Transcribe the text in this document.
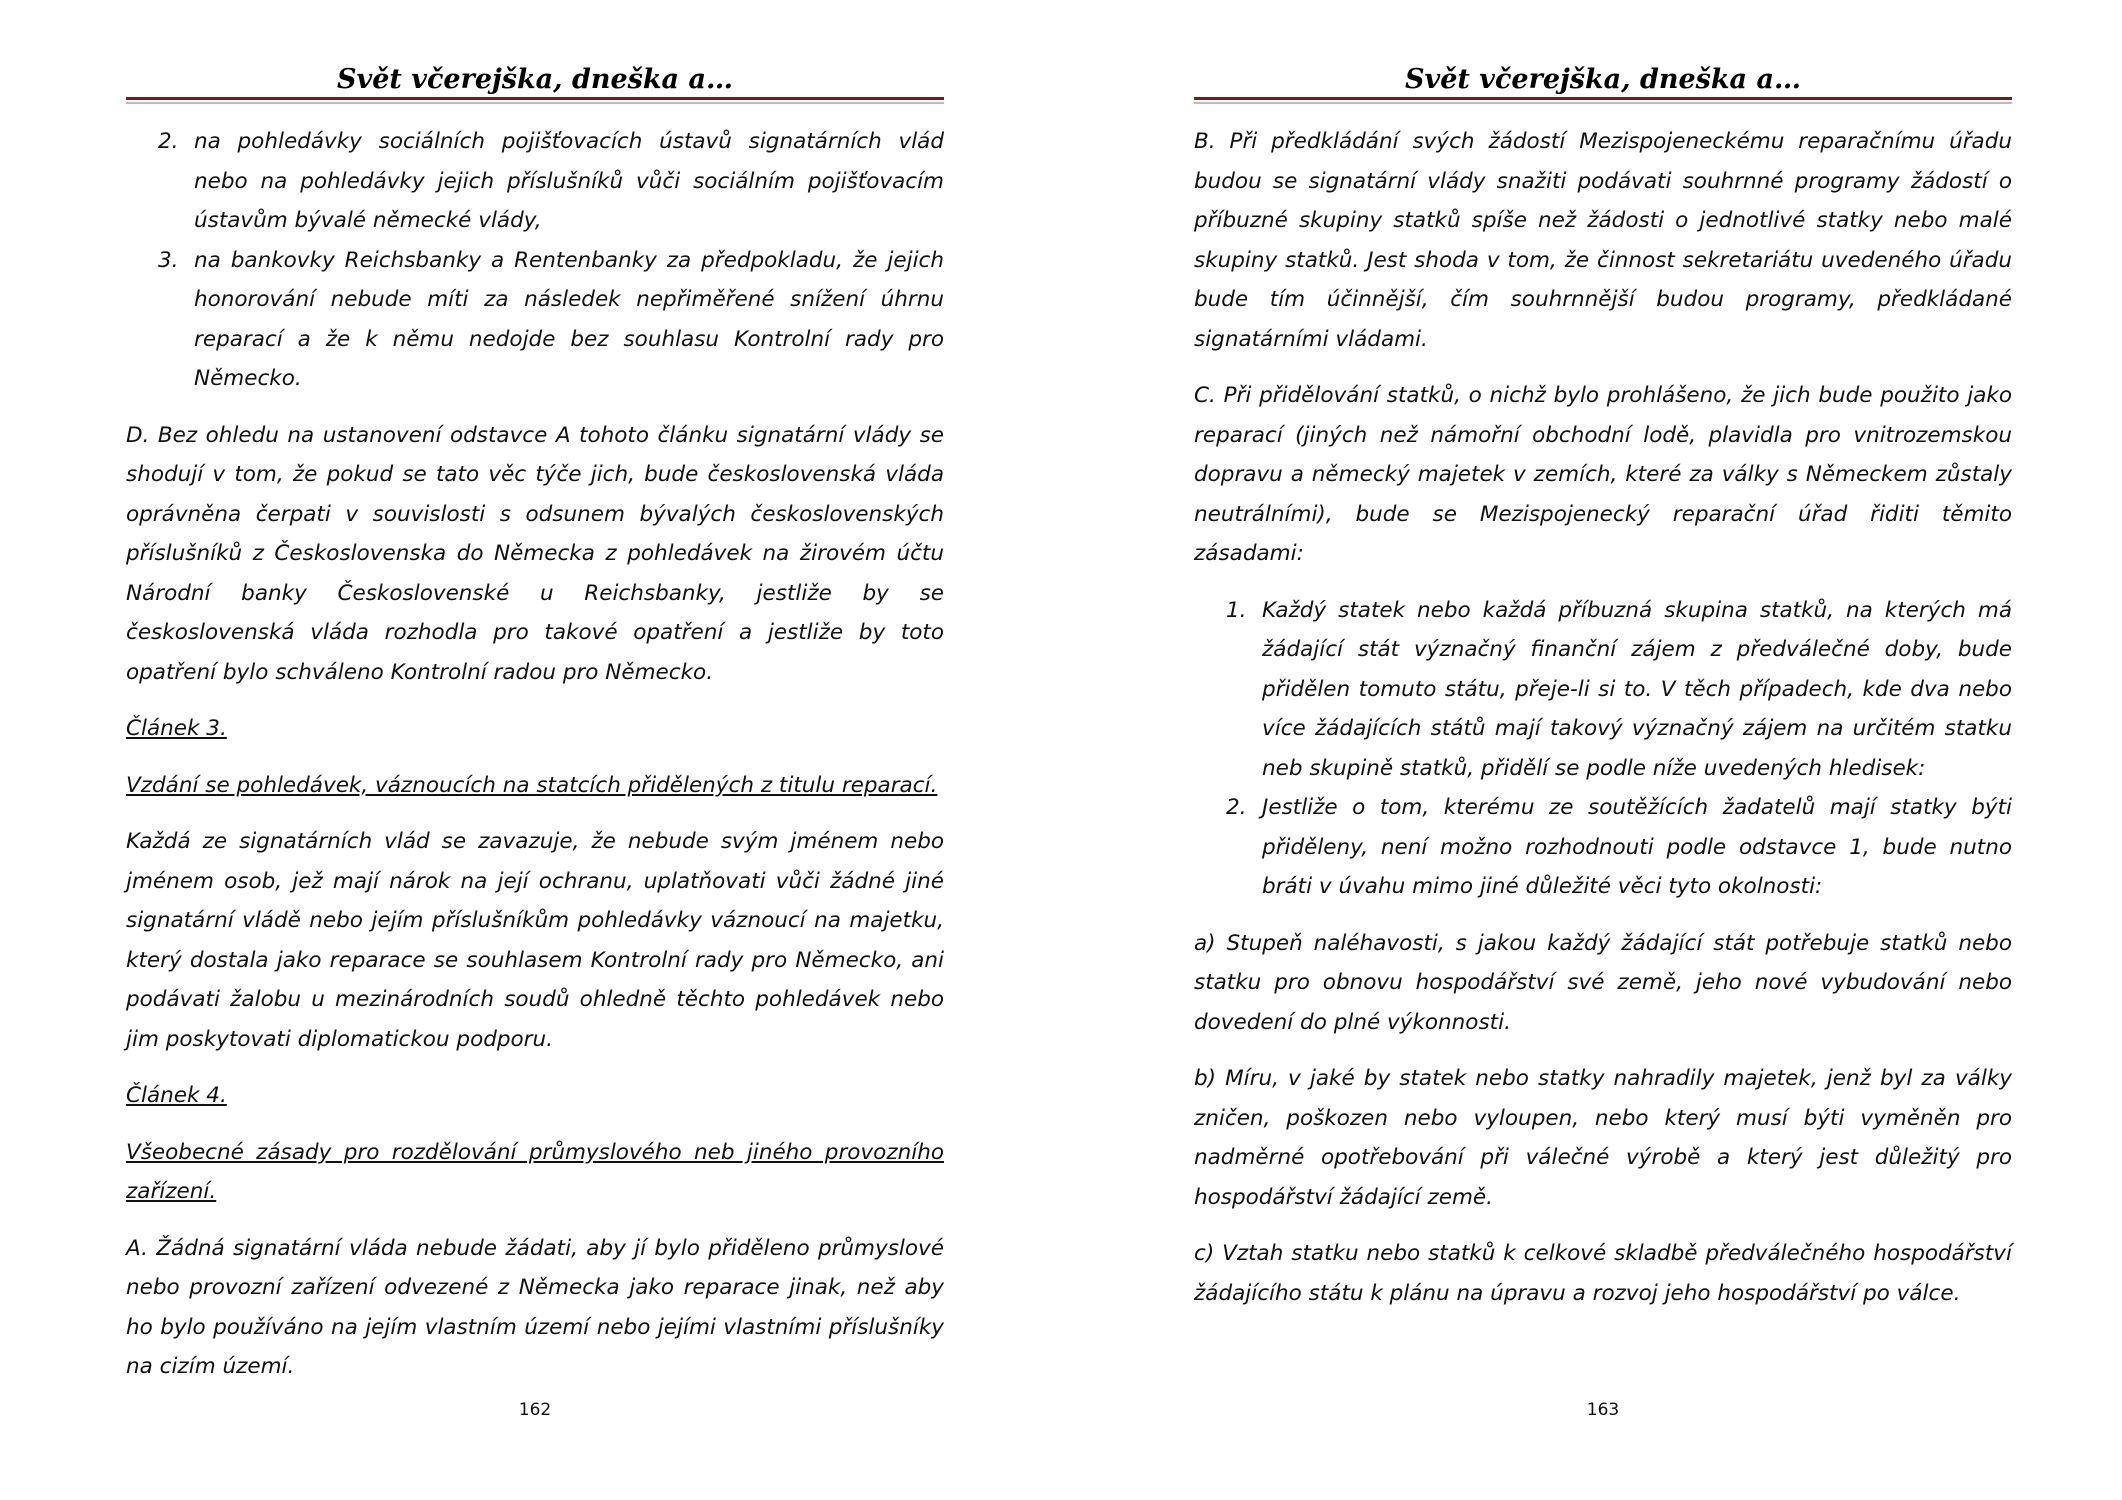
Svět včerejška, dneška a…
2. na pohledávky sociálních pojišťovacích ústavů signatárních vlád nebo na pohledávky jejich příslušníků vůči sociálním pojišťovacím ústavům bývalé německé vlády,
3. na bankovky Reichsbanky a Rentenbanky za předpokladu, že jejich honorování nebude míti za následek nepřiměřené snížení úhrnu reparací a že k němu nedojde bez souhlasu Kontrolní rady pro Německo.

D. Bez ohledu na ustanovení odstavce A tohoto článku signatární vlády se shodují v tom, že pokud se tato věc týče jich, bude československá vláda oprávněna čerpati v souvislosti s odsunem bývalých československých příslušníků z Československa do Německa z pohledávek na žirovém účtu Národní banky Československé u Reichsbanky, jestliže by se československá vláda rozhodla pro takové opatření a jestliže by toto opatření bylo schváleno Kontrolní radou pro Německo.

Článek 3.

Vzdání se pohledávek, váznoucích na statcích přidělených z titulu reparací.

Každá ze signatárních vlád se zavazuje, že nebude svým jménem nebo jménem osob, jež mají nárok na její ochranu, uplatňovati vůči žádné jiné signatární vládě nebo jejím příslušníkům pohledávky váznoucí na majetku, který dostala jako reparace se souhlasem Kontrolní rady pro Německo, ani podávati žalobu u mezinárodních soudů ohledně těchto pohledávek nebo jim poskytovati diplomatickou podporu.

Článek 4.

Všeobecné zásady pro rozdělování průmyslového neb jiného provozního zařízení.

A. Žádná signatární vláda nebude žádati, aby jí bylo přiděleno průmyslové nebo provozní zařízení odvezené z Německa jako reparace jinak, než aby ho bylo používáno na jejím vlastním území nebo jejími vlastními příslušníky na cizím území.

162
Svět včerejška, dneška a…

B. Při předkládání svých žádostí Mezispojeneckému reparačnímu úřadu budou se signatární vlády snažiti podávati souhrnné programy žádostí o příbuzné skupiny statků spíše než žádosti o jednotlivé statky nebo malé skupiny statků. Jest shoda v tom, že činnost sekretariátu uvedeného úřadu bude tím účinnější, čím souhrnnější budou programy, předkládané signatárními vládami.

C. Při přidělování statků, o nichž bylo prohlášeno, že jich bude použito jako reparací (jiných než námořní obchodní lodě, plavidla pro vnitrozemskou dopravu a německý majetek v zemích, které za války s Německem zůstaly neutrálními), bude se Mezispojenecký reparační úřad řiditi těmito zásadami:

1. Každý statek nebo každá příbuzná skupina statků, na kterých má žádající stát význačný finanční zájem z předválečné doby, bude přidělen tomuto státu, přeje-li si to. V těch případech, kde dva nebo více žádajících států mají takový význačný zájem na určitém statku neb skupině statků, přidělí se podle níže uvedených hledisek:
2. Jestliže o tom, kterému ze soutěžících žadatelů mají statky býti přiděleny, není možno rozhodnouti podle odstavce 1, bude nutno bráti v úvahu mimo jiné důležité věci tyto okolnosti:

a) Stupeň naléhavosti, s jakou každý žádající stát potřebuje statků nebo statku pro obnovu hospodářství své země, jeho nové vybudování nebo dovedení do plné výkonnosti.

b) Míru, v jaké by statek nebo statky nahradily majetek, jenž byl za války zničen, poškozen nebo vyloupen, nebo který musí býti vyměněn pro nadměrné opotřebování při válečné výrobě a který jest důležitý pro hospodářství žádající země.

c) Vztah statku nebo statků k celkové skladbě předválečného hospodářství žádajícího státu k plánu na úpravu a rozvoj jeho hospodářství po válce.

163
